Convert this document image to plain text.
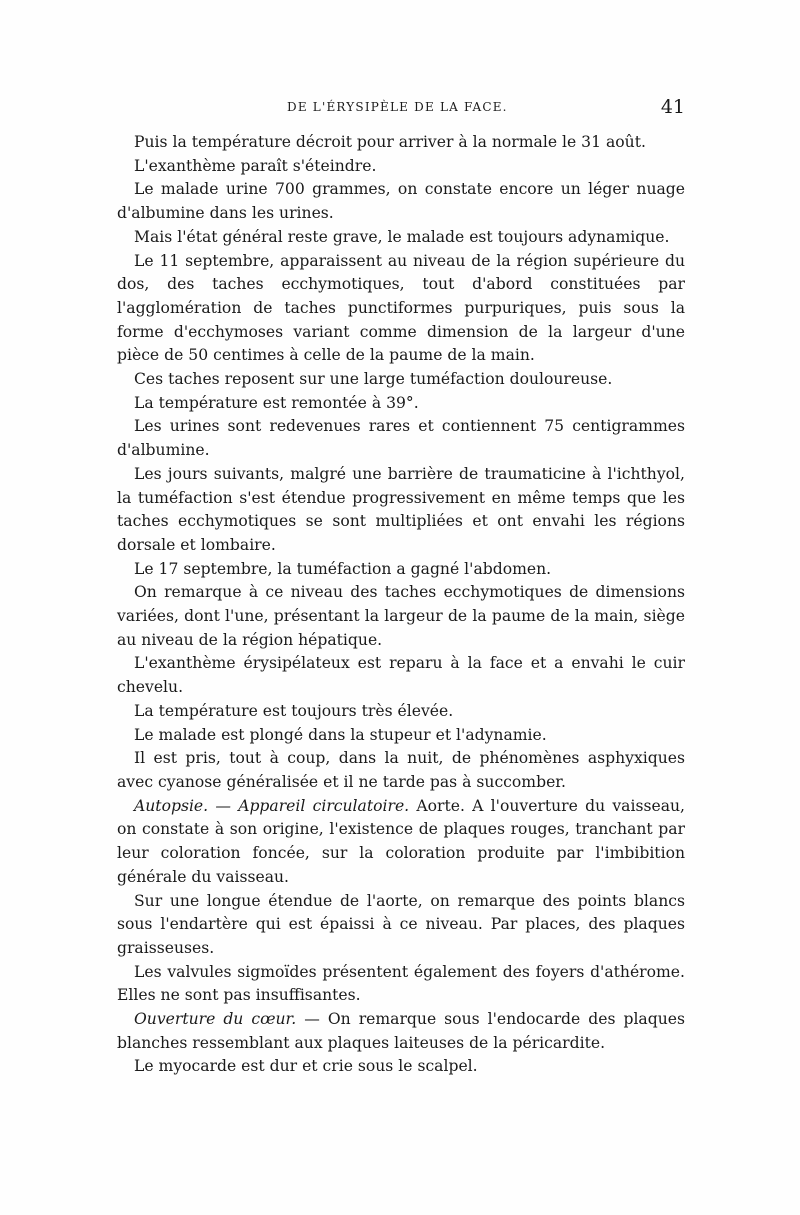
DE L'ÉRYSIPÈLE DE LA FACE.	41

Puis la température décroit pour arriver à la normale le 31 août.

L'exanthème paraît s'éteindre.

Le malade urine 700 grammes, on constate encore un léger nuage d'albumine dans les urines.

Mais l'état général reste grave, le malade est toujours adynamique.

Le 11 septembre, apparaissent au niveau de la région supérieure du dos, des taches ecchymotiques, tout d'abord constituées par l'agglomération de taches punctiformes purpuriques, puis sous la forme d'ecchymoses variant comme dimension de la largeur d'une pièce de 50 centimes à celle de la paume de la main.

Ces taches reposent sur une large tuméfaction douloureuse.

La température est remontée à 39°.

Les urines sont redevenues rares et contiennent 75 centigrammes d'albumine.

Les jours suivants, malgré une barrière de traumaticine à l'ichthyol, la tuméfaction s'est étendue progressivement en même temps que les taches ecchymotiques se sont multipliées et ont envahi les régions dorsale et lombaire.

Le 17 septembre, la tuméfaction a gagné l'abdomen.

On remarque à ce niveau des taches ecchymotiques de dimensions variées, dont l'une, présentant la largeur de la paume de la main, siège au niveau de la région hépatique.

L'exanthème érysipélateux est reparu à la face et a envahi le cuir chevelu.

La température est toujours très élevée.

Le malade est plongé dans la stupeur et l'adynamie.

Il est pris, tout à coup, dans la nuit, de phénomènes asphyxiques avec cyanose généralisée et il ne tarde pas à succomber.

Autopsie. — Appareil circulatoire. Aorte. A l'ouverture du vaisseau, on constate à son origine, l'existence de plaques rouges, tranchant par leur coloration foncée, sur la coloration produite par l'imbibition générale du vaisseau.

Sur une longue étendue de l'aorte, on remarque des points blancs sous l'endartère qui est épaissi à ce niveau. Par places, des plaques graisseuses.

Les valvules sigmoïdes présentent également des foyers d'athérome. Elles ne sont pas insuffisantes.

Ouverture du cœur. — On remarque sous l'endocarde des plaques blanches ressemblant aux plaques laiteuses de la péricardite.

Le myocarde est dur et crie sous le scalpel.
